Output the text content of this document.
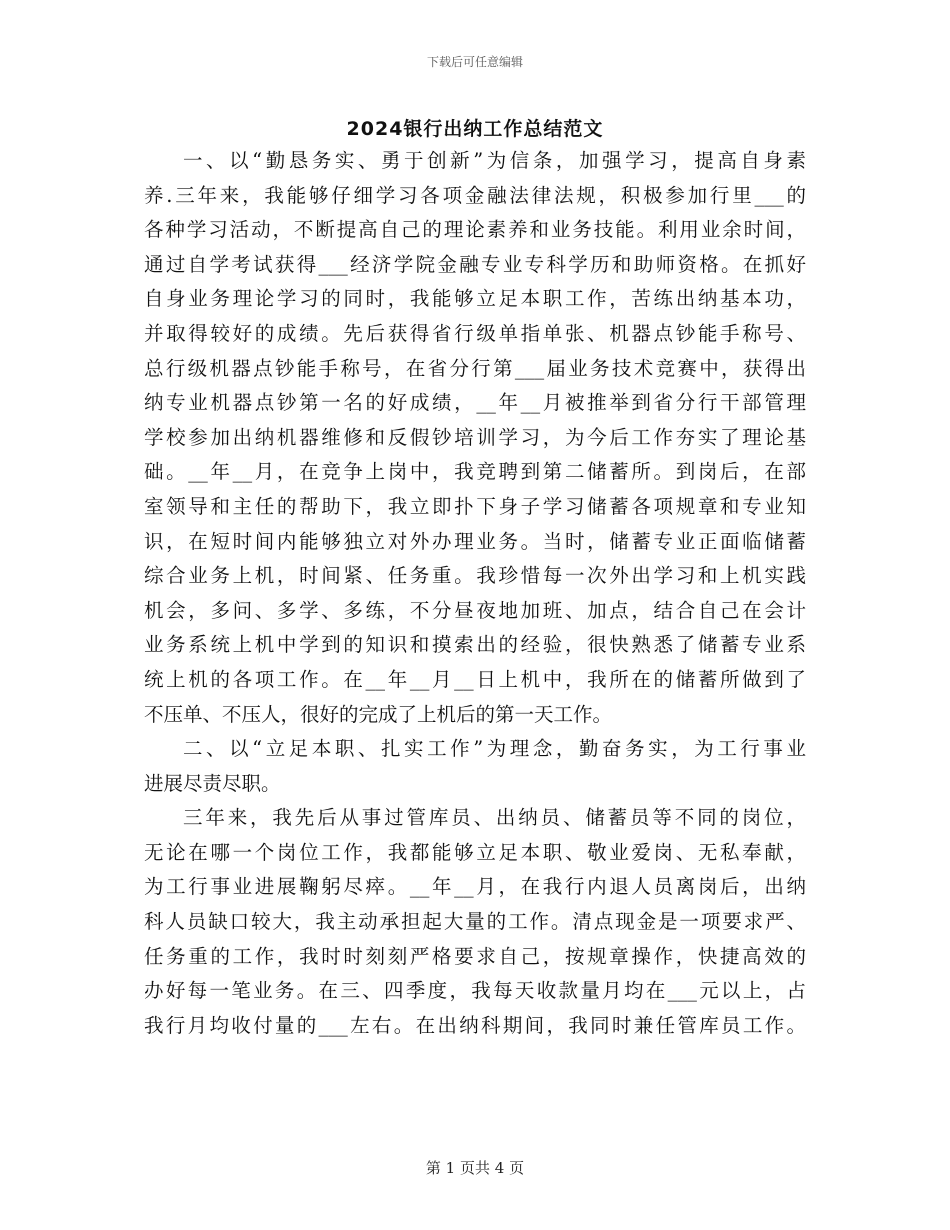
下载后可任意编辑
2024银行出纳工作总结范文
一、以“勤恳务实、勇于创新”为信条，加强学习，提高自身素
养.三年来，我能够仔细学习各项金融法律法规，积极参加行里___的
各种学习活动，不断提高自己的理论素养和业务技能。利用业余时间，
通过自学考试获得___经济学院金融专业专科学历和助师资格。在抓好
自身业务理论学习的同时，我能够立足本职工作，苦练出纳基本功，
并取得较好的成绩。先后获得省行级单指单张、机器点钞能手称号、
总行级机器点钞能手称号，在省分行第___届业务技术竞赛中，获得出
纳专业机器点钞第一名的好成绩，__年__月被推举到省分行干部管理
学校参加出纳机器维修和反假钞培训学习，为今后工作夯实了理论基
础。__年__月，在竞争上岗中，我竞聘到第二储蓄所。到岗后，在部
室领导和主任的帮助下，我立即扑下身子学习储蓄各项规章和专业知
识，在短时间内能够独立对外办理业务。当时，储蓄专业正面临储蓄
综合业务上机，时间紧、任务重。我珍惜每一次外出学习和上机实践
机会，多问、多学、多练，不分昼夜地加班、加点，结合自己在会计
业务系统上机中学到的知识和摸索出的经验，很快熟悉了储蓄专业系
统上机的各项工作。在__年__月__日上机中，我所在的储蓄所做到了
不压单、不压人，很好的完成了上机后的第一天工作。
二、以“立足本职、扎实工作”为理念，勤奋务实，为工行事业
进展尽责尽职。
三年来，我先后从事过管库员、出纳员、储蓄员等不同的岗位，
无论在哪一个岗位工作，我都能够立足本职、敬业爱岗、无私奉献，
为工行事业进展鞠躬尽瘁。__年__月，在我行内退人员离岗后，出纳
科人员缺口较大，我主动承担起大量的工作。清点现金是一项要求严、
任务重的工作，我时时刻刻严格要求自己，按规章操作，快捷高效的
办好每一笔业务。在三、四季度，我每天收款量月均在___元以上，占
我行月均收付量的___左右。在出纳科期间，我同时兼任管库员工作。
第 1 页共 4 页
